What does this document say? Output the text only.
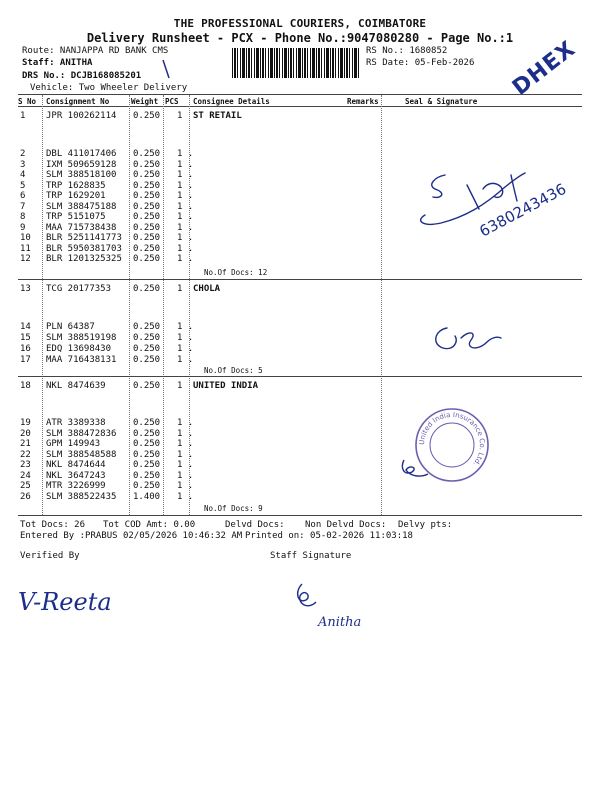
THE PROFESSIONAL COURIERS, COIMBATORE
Delivery Runsheet - PCX - Phone No.:9047080280 - Page No.:1
Route: NANJAPPA RD BANK CMS
Staff: ANITHA
DRS No.: DCJB168085201
Vehicle: Two Wheeler Delivery
RS No.: 1680852
RS Date: 05-Feb-2026 DHEX
S No Consignment No	Weight PCS Consignee Details	Remarks	Seal & Signature
1 JPR 100262114 0.250 1 ST RETAIL
2 DBL 411017406 0.250 1 .
3 IXM 509659128 0.250 1 .
4 SLM 388518100 0.250 1 .
5 TRP 1628835	0.250 1 .
6 TRP 1629201	0.250 1 .
7 SLM 388475188 0.250 1 .
8 TRP 5151075	0.250 1 .
9 MAA 715738438 0.250 1 .
10 BLR 5251141773 0.250 1 .
11 BLR 5950381703 0.250 1 .
12 BLR 1201325325 0.250 1 .
No.Of Docs: 12
6380243436
13 TCG 20177353 0.250 1 CHOLA
14 PLN 64387	0.250 1 .
15 SLM 388519198 0.250 1 .
16 EDQ 13698430 0.250 1 .
17 MAA 716438131 0.250 1 .
No.Of Docs: 5
18 NKL 8474639	0.250 1 UNITED INDIA
19 ATR 3389338	0.250 1 .
20 SLM 388472836 0.250 1 .
21 GPM 149943	0.250 1 .
22 SLM 388548588 0.250 1 .
23 NKL 8474644	0.250 1 .
24 NKL 3647243	0.250 1 .
25 MTR 3226999	0.250 1 .
26 SLM 388522435 1.400 1 .
No.Of Docs: 9
United India Insurance Co. Ltd.
Tot Docs: 26 Tot COD Amt: 0.00	Delvd Docs: Non Delvd Docs: Delvy pts:
Entered By :PRABUS 02/05/2026 10:46:32 AM Printed on: 05-02-2026 11:03:18
Verified By	Staff Signature
V-Reeta
Anitha
